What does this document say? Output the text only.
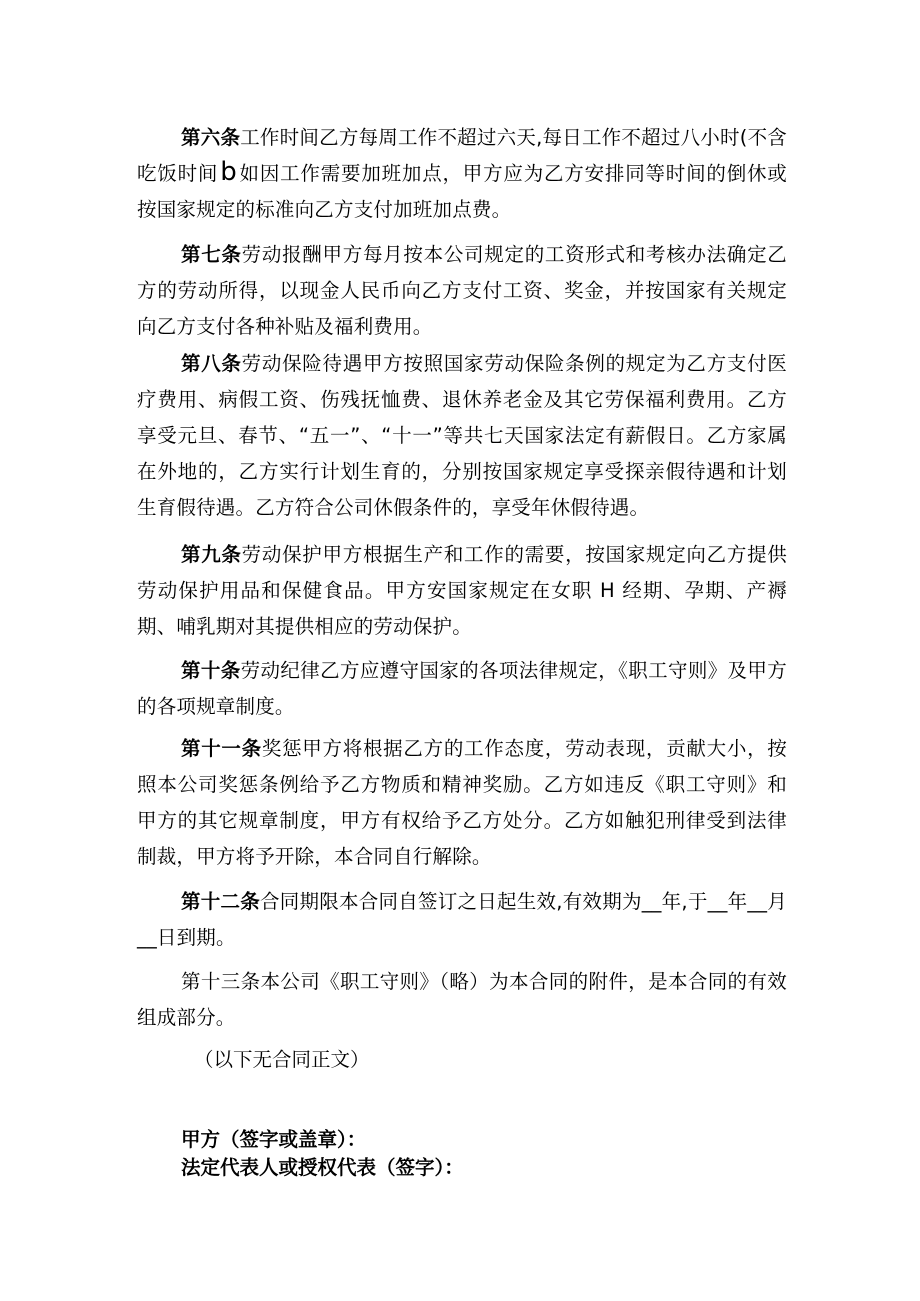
第六条工作时间乙方每周工作不超过六天,每日工作不超过八小时(不含吃饭时间b 如因工作需要加班加点，甲方应为乙方安排同等时间的倒休或按国家规定的标准向乙方支付加班加点费。

第七条劳动报酬甲方每月按本公司规定的工资形式和考核办法确定乙方的劳动所得，以现金人民币向乙方支付工资、奖金，并按国家有关规定向乙方支付各种补贴及福利费用。

第八条劳动保险待遇甲方按照国家劳动保险条例的规定为乙方支付医疗费用、病假工资、伤残抚恤费、退休养老金及其它劳保福利费用。乙方享受元旦、春节、“五一”、“十一”等共七天国家法定有薪假日。乙方家属在外地的，乙方实行计划生育的，分别按国家规定享受探亲假待遇和计划生育假待遇。乙方符合公司休假条件的，享受年休假待遇。

第九条劳动保护甲方根据生产和工作的需要，按国家规定向乙方提供劳动保护用品和保健食品。甲方安国家规定在女职 H 经期、孕期、产褥期、哺乳期对其提供相应的劳动保护。

第十条劳动纪律乙方应遵守国家的各项法律规定，《职工守则》及甲方的各项规章制度。

第十一条奖惩甲方将根据乙方的工作态度，劳动表现，贡献大小，按照本公司奖惩条例给予乙方物质和精神奖励。乙方如违反《职工守则》和甲方的其它规章制度，甲方有权给予乙方处分。乙方如触犯刑律受到法律制裁，甲方将予开除，本合同自行解除。

第十二条合同期限本合同自签订之日起生效,有效期为__年,于__年__月__日到期。

第十三条本公司《职工守则》（略）为本合同的附件，是本合同的有效组成部分。

（以下无合同正文）

甲方（签字或盖章）：

法定代表人或授权代表（签字）：
